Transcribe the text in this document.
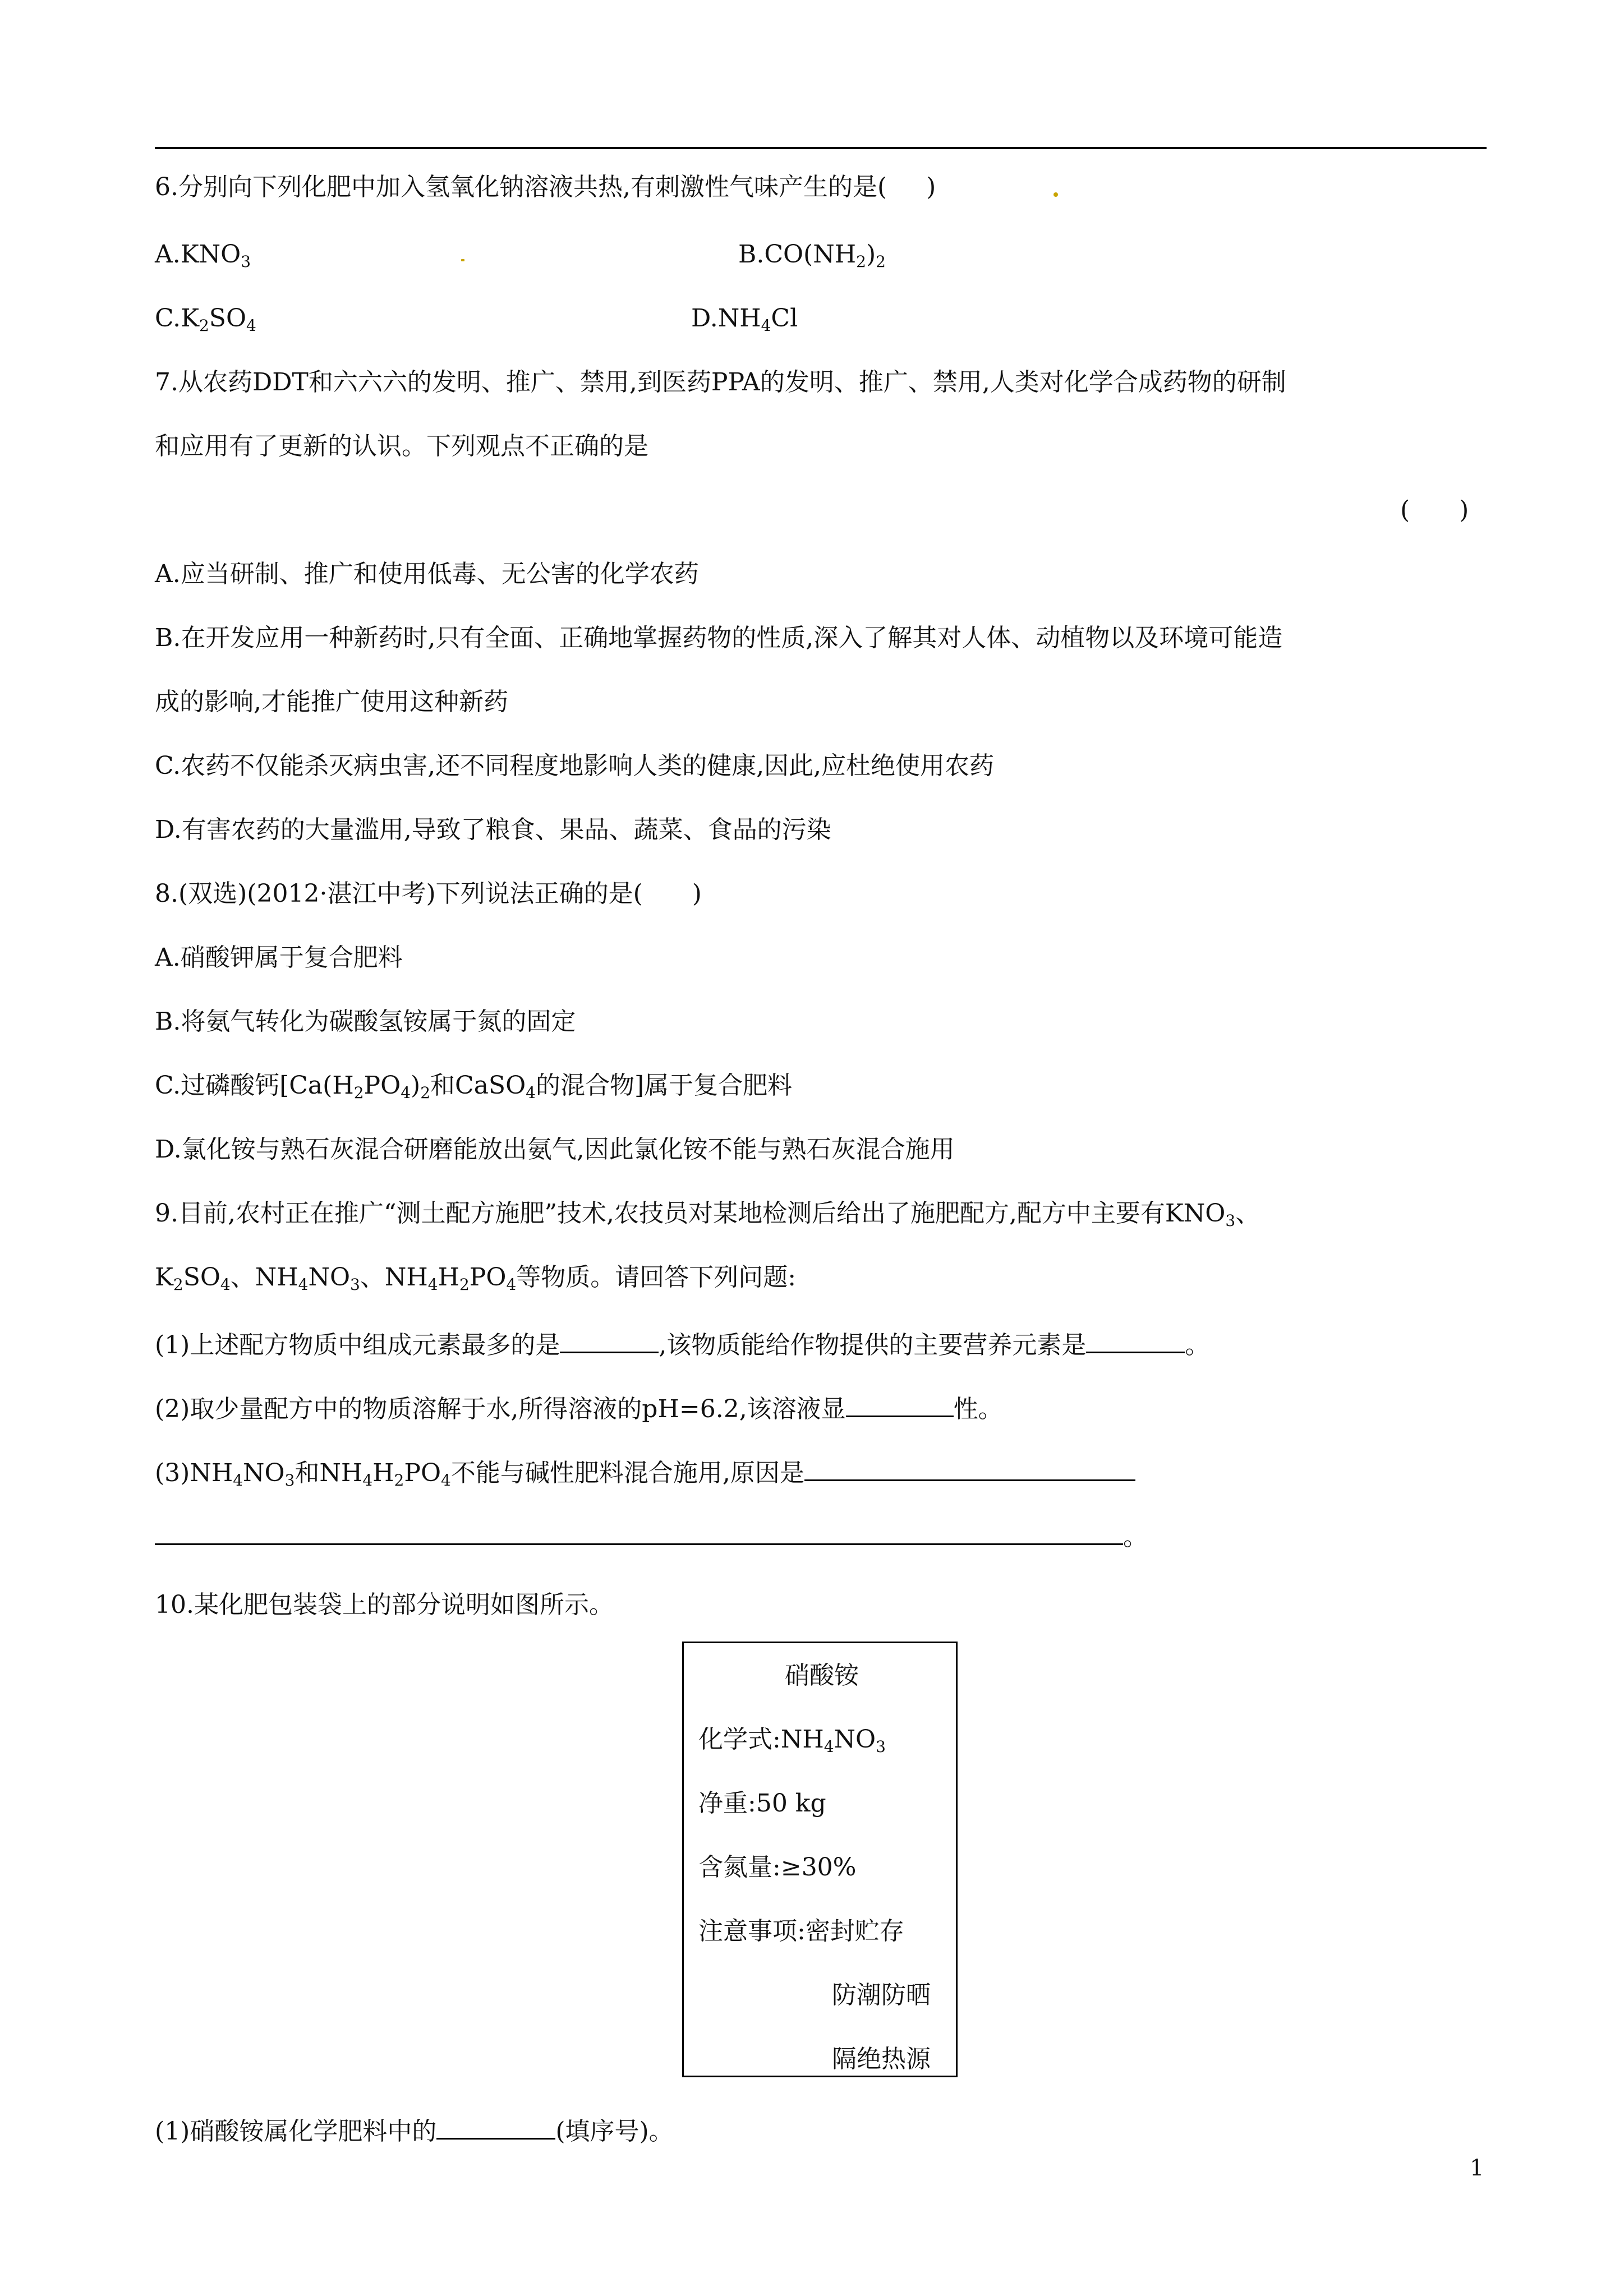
6.分别向下列化肥中加入氢氧化钠溶液共热,有刺激性气味产生的是( )
$A.KNO_3$	$B.CO(NH_2)_2$
$C.K_2SO_4$	$D.NH_4Cl$
7.从农药DDT和六六六的发明、推广、禁用,到医药PPA的发明、推广、禁用,人类对化学合成药物的研制
和应用有了更新的认识。下列观点不正确的是
(　　)
A.应当研制、推广和使用低毒、无公害的化学农药
B.在开发应用一种新药时,只有全面、正确地掌握药物的性质,深入了解其对人体、动植物以及环境可能造
成的影响,才能推广使用这种新药
C.农药不仅能杀灭病虫害,还不同程度地影响人类的健康,因此,应杜绝使用农药
D.有害农药的大量滥用,导致了粮食、果品、蔬菜、食品的污染
8.(双选)(2012·湛江中考)下列说法正确的是(　　)
A.硝酸钾属于复合肥料
B.将氨气转化为碳酸氢铵属于氮的固定
C.过磷酸钙[$Ca(H_2PO_4)_2$和CaSO$_4$的混合物]属于复合肥料
D.氯化铵与熟石灰混合研磨能放出氨气,因此氯化铵不能与熟石灰混合施用
9.目前,农村正在推广“测土配方施肥”技术,农技员对某地检测后给出了施肥配方,配方中主要有$KNO_3$、
$K_2SO_4$、$NH_4NO_3$、$NH_4H_2PO_4$等物质。请回答下列问题:
(1)上述配方物质中组成元素最多的是	,该物质能给作物提供的主要营养元素是	。
(2)取少量配方中的物质溶解于水,所得溶液的pH=6.2,该溶液显	性。
$(3)NH_4NO_3$和$NH_4H_2PO_4$不能与碱性肥料混合施用,原因是
。
10.某化肥包装袋上的部分说明如图所示。
硝酸铵
化学式$:NH_4NO_3$
净重:50 kg
含氮量:≥30%
注意事项:密封贮存
防潮防晒
隔绝热源
(1)硝酸铵属化学肥料中的	(填序号)。
1
